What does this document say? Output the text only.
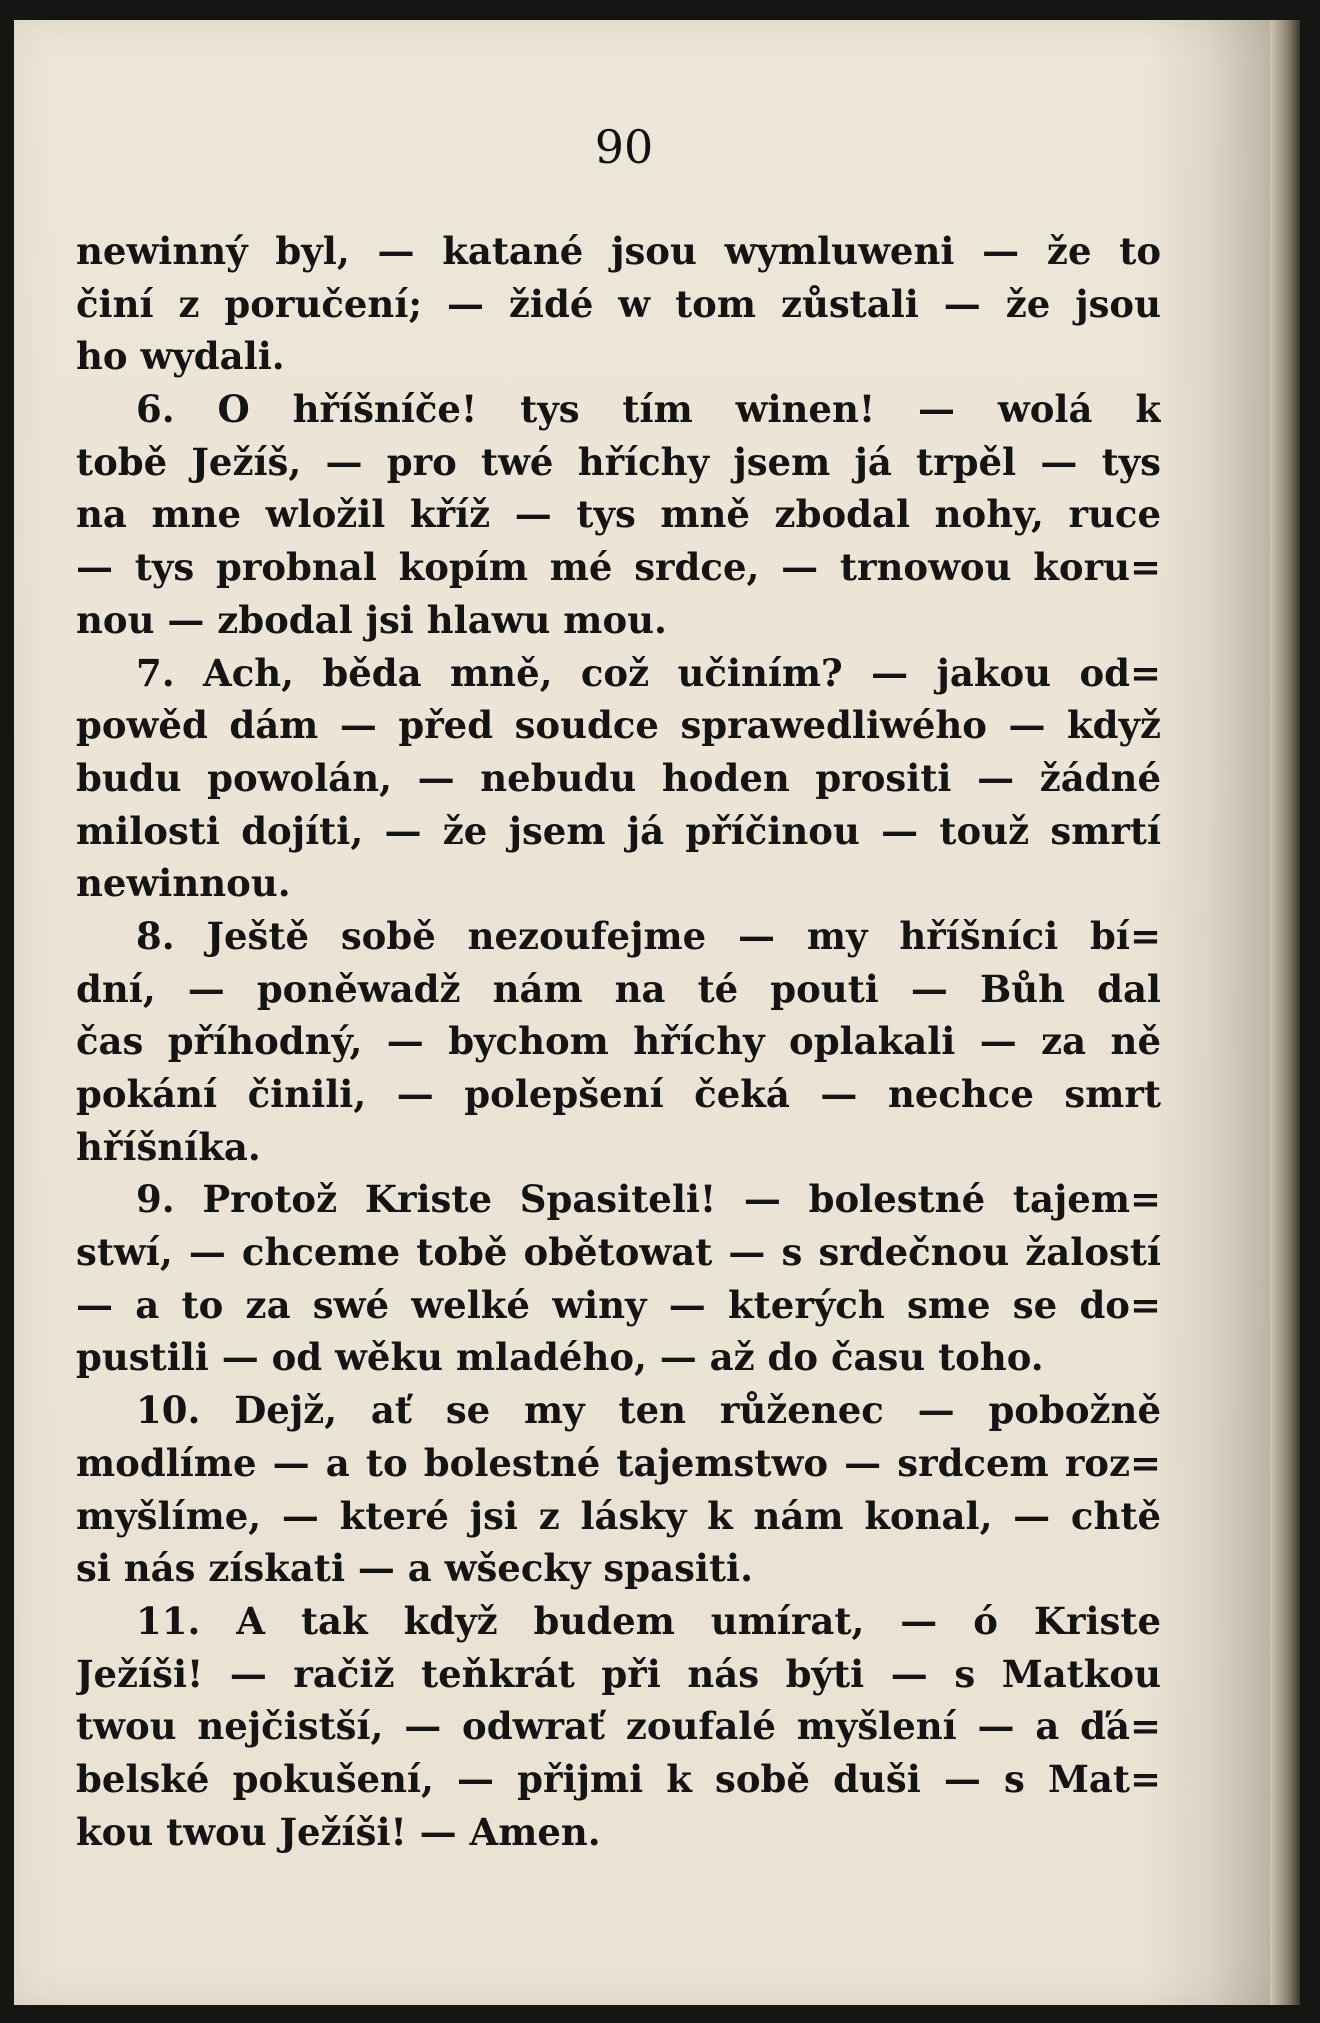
90
newinný byl, — katané jsou wymluweni — že to
činí z poručení; — židé w tom zůstali — že jsou
ho wydali.
6. O hříšníče! tys tím winen! — wolá k
tobě Ježíš, — pro twé hříchy jsem já trpěl — tys
na mne wložil kříž — tys mně zbodal nohy, ruce
— tys probnal kopím mé srdce, — trnowou koru=
nou — zbodal jsi hlawu mou.
7. Ach, běda mně, což učiním? — jakou od=
powěd dám — před soudce sprawedliwého — když
budu powolán, — nebudu hoden prositi — žádné
milosti dojíti, — že jsem já příčinou — touž smrtí
newinnou.
8. Ještě sobě nezoufejme — my hříšníci bí=
dní, — poněwadž nám na té pouti — Bůh dal
čas příhodný, — bychom hříchy oplakali — za ně
pokání činili, — polepšení čeká — nechce smrt
hříšníka.
9. Protož Kriste Spasiteli! — bolestné tajem=
stwí, — chceme tobě obětowat — s srdečnou žalostí
— a to za swé welké winy — kterých sme se do=
pustili — od wěku mladého, — až do času toho.
10. Dejž, ať se my ten růženec — pobožně
modlíme — a to bolestné tajemstwo — srdcem roz=
myšlíme, — které jsi z lásky k nám konal, — chtě
si nás získati — a wšecky spasiti.
11. A tak když budem umírat, — ó Kriste
Ježíši! — račiž teňkrát při nás býti — s Matkou
twou nejčistší, — odwrať zoufalé myšlení — a ďá=
belské pokušení, — přijmi k sobě duši — s Mat=
kou twou Ježíši! — Amen.
